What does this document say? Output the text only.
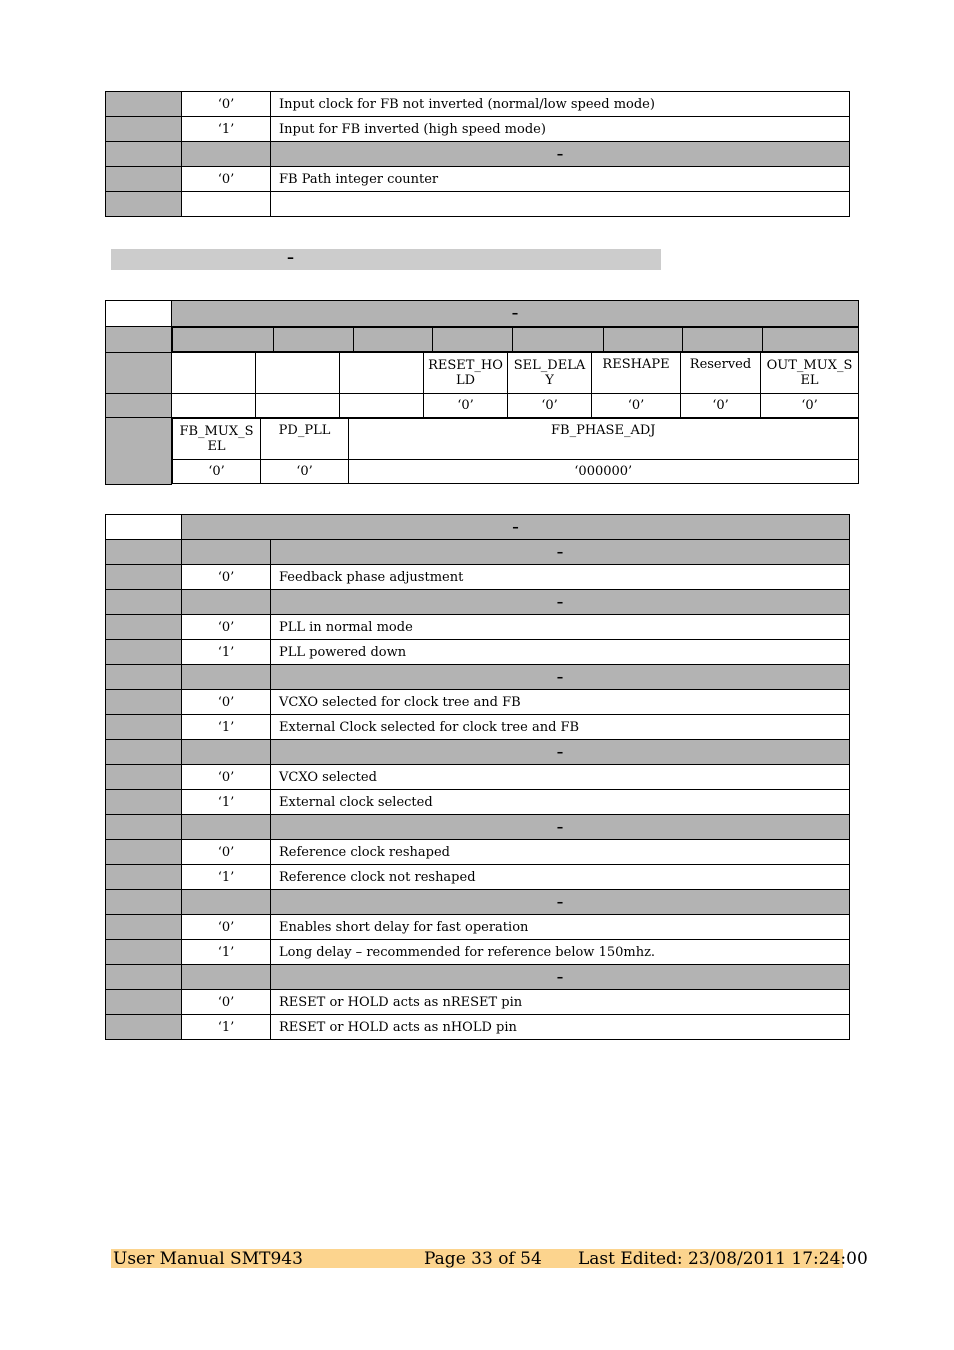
	‘0’	Input clock for FB not inverted (normal/low speed mode)
	‘1’	Input for FB inverted (high speed mode)
		–
	‘0’	FB Path integer counter

–
	–

				RESET_HOLD	SEL_DELAY	RESHAPE	Reserved	OUT_MUX_SEL
				‘0’	‘0’	‘0’	‘0’	‘0’

FB_MUX_SEL	PD_PLL	FB_PHASE_ADJ
‘0’	‘0’	‘000000’
	–	
		–
	‘0’	Feedback phase adjustment
		–
	‘0’	PLL in normal mode
	‘1’	PLL powered down
		–
	‘0’	VCXO selected for clock tree and FB
	‘1’	External Clock selected for clock tree and FB
		–
	‘0’	VCXO selected
	‘1’	External clock selected
		–
	‘0’	Reference clock reshaped
	‘1’	Reference clock not reshaped
		–
	‘0’	Enables short delay for fast operation
	‘1’	Long delay – recommended for reference below 150mhz.
		–
	‘0’	RESET or HOLD acts as nRESET pin
	‘1’	RESET or HOLD acts as nHOLD pin
User Manual SMT943	Page 33 of 54 Last Edited: 23/08/2011 17:24:00
